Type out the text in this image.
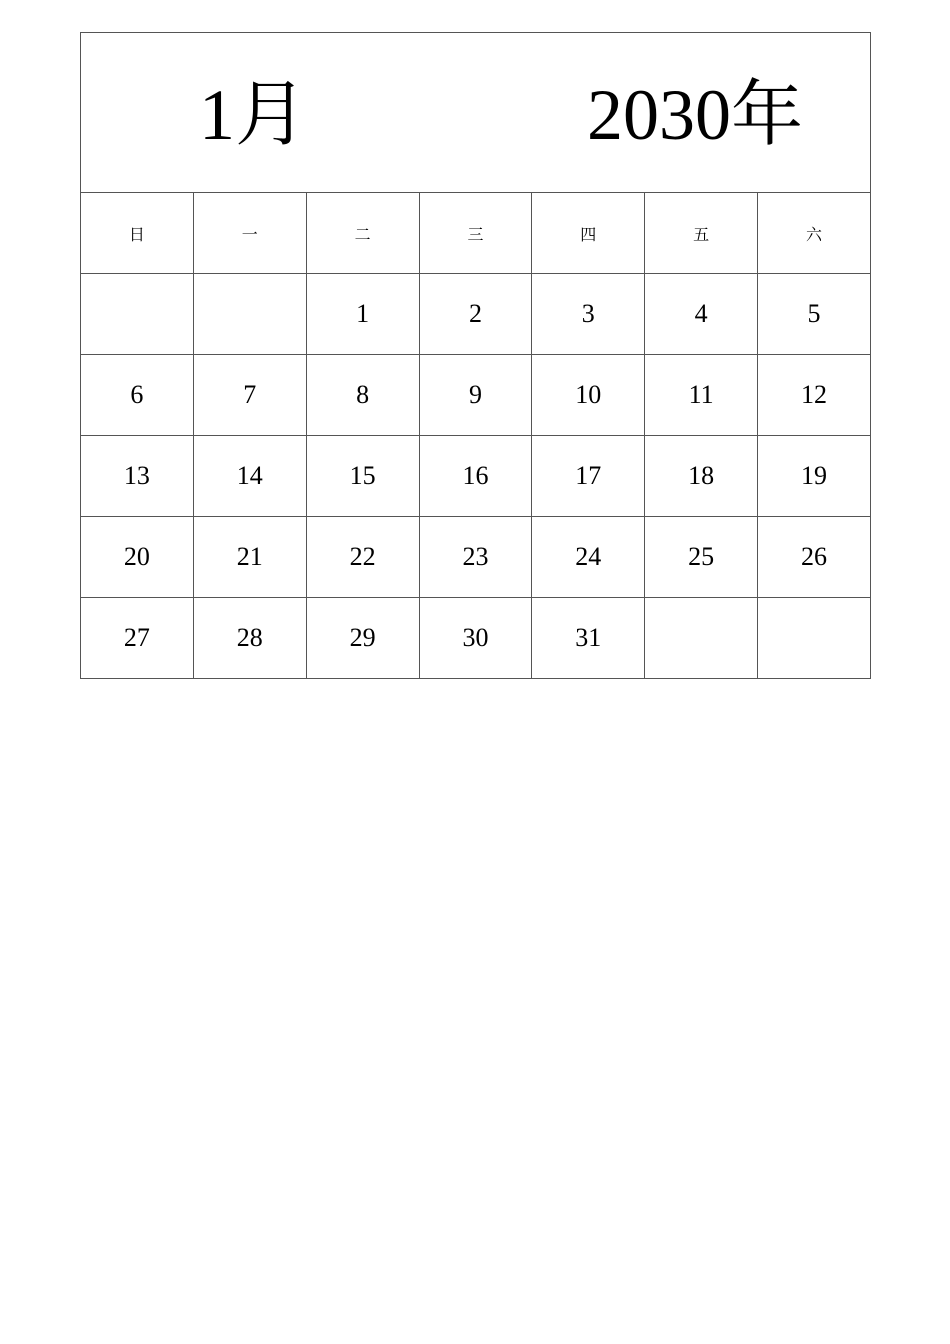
1月 2030年						

日	一	二	三	四	五	六
		1	2	3	4	5
6	7	8	9	10	11	12
13	14	15	16	17	18	19
20	21	22	23	24	25	26
27	28	29	30	31		
